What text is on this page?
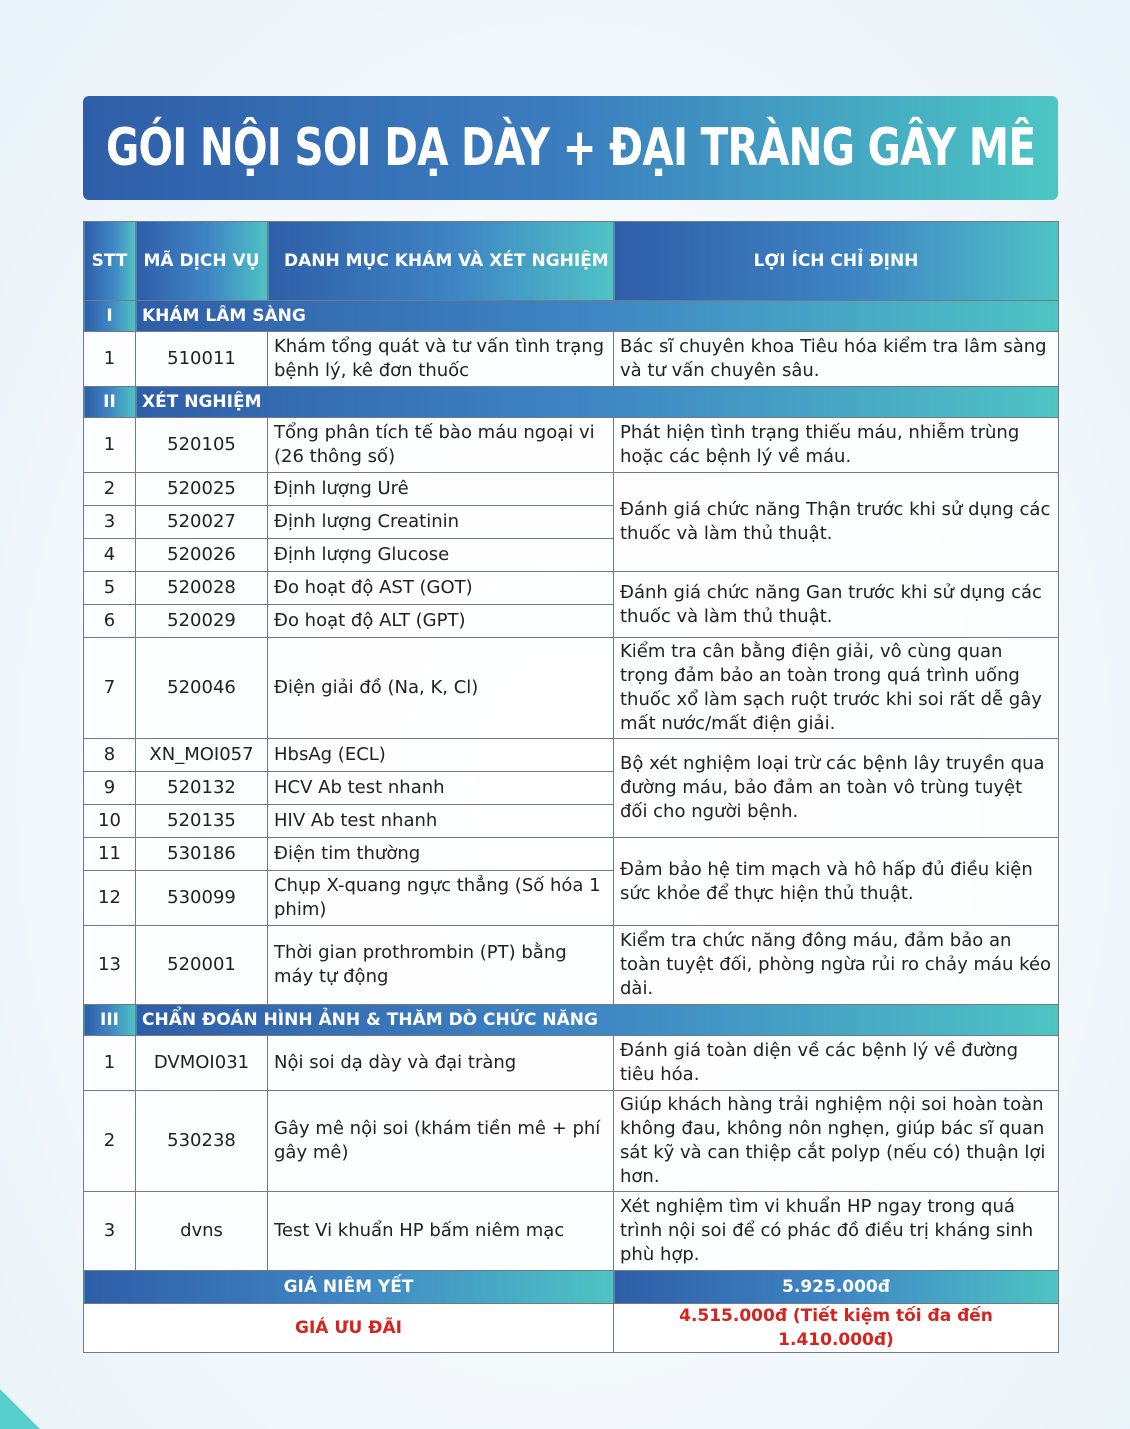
GÓI NỘI SOI DẠ DÀY + ĐẠI TRÀNG GÂY MÊ
STT	MÃ DỊCH VỤ	DANH MỤC KHÁM VÀ XÉT NGHIỆM	LỢI ÍCH CHỈ ĐỊNH
I	KHÁM LÂM SÀNG		
1	510011	Khám tổng quát và tư vấn tình trạng bệnh lý, kê đơn thuốc	Bác sĩ chuyên khoa Tiêu hóa kiểm tra lâm sàng và tư vấn chuyên sâu.
II	XÉT NGHIỆM		
1	520105	Tổng phân tích tế bào máu ngoại vi (26 thông số)	Phát hiện tình trạng thiếu máu, nhiễm trùng hoặc các bệnh lý về máu.
2	520025	Định lượng Urê	Đánh giá chức năng Thận trước khi sử dụng các thuốc và làm thủ thuật.
3	520027	Định lượng Creatinin	
4	520026	Định lượng Glucose	
5	520028	Đo hoạt độ AST (GOT)	Đánh giá chức năng Gan trước khi sử dụng các thuốc và làm thủ thuật.
6	520029	Đo hoạt độ ALT (GPT)	
7	520046	Điện giải đồ (Na, K, Cl)	Kiểm tra cân bằng điện giải, vô cùng quan trọng đảm bảo an toàn trong quá trình uống thuốc xổ làm sạch ruột trước khi soi rất dễ gây mất nước/mất điện giải.
8	XN_MOI057	HbsAg (ECL)	Bộ xét nghiệm loại trừ các bệnh lây truyền qua đường máu, bảo đảm an toàn vô trùng tuyệt đối cho người bệnh.
9	520132	HCV Ab test nhanh	
10	520135	HIV Ab test nhanh	
11	530186	Điện tim thường	Đảm bảo hệ tim mạch và hô hấp đủ điều kiện sức khỏe để thực hiện thủ thuật.
12	530099	Chụp X-quang ngực thẳng (Số hóa 1 phim)	
13	520001	Thời gian prothrombin (PT) bằng máy tự động	Kiểm tra chức năng đông máu, đảm bảo an toàn tuyệt đối, phòng ngừa rủi ro chảy máu kéo dài.
III	CHẨN ĐOÁN HÌNH ẢNH & THĂM DÒ CHỨC NĂNG		
1	DVMOI031	Nội soi dạ dày và đại tràng	Đánh giá toàn diện về các bệnh lý về đường tiêu hóa.
2	530238	Gây mê nội soi (khám tiền mê + phí gây mê)	Giúp khách hàng trải nghiệm nội soi hoàn toàn không đau, không nôn nghẹn, giúp bác sĩ quan sát kỹ và can thiệp cắt polyp (nếu có) thuận lợi hơn.
3	dvns	Test Vi khuẩn HP bấm niêm mạc	Xét nghiệm tìm vi khuẩn HP ngay trong quá trình nội soi để có phác đồ điều trị kháng sinh phù hợp.
GIÁ NIÊM YẾT			5.925.000đ
GIÁ ƯU ĐÃI			4.515.000đ (Tiết kiệm tối đa đến 1.410.000đ)
